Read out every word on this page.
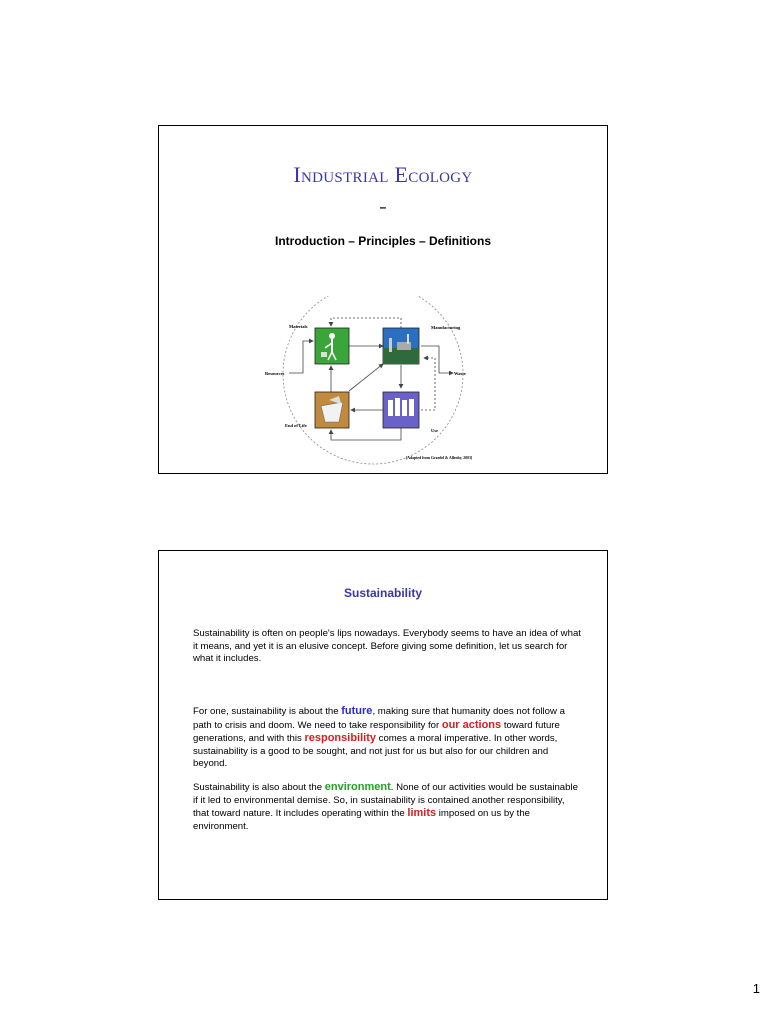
Industrial Ecology
–
Introduction – Principles – Definitions
Materials	Manufacturing
Resources	Waste
End of Life
Use
[Adapted from Graedel & Allenby, 2003]
Sustainability
Sustainability is often on people's lips nowadays. Everybody seems to have an idea of what it means, and yet it is an elusive concept. Before giving some definition, let us search for what it includes.
For one, sustainability is about the future, making sure that humanity does not follow a path to crisis and doom. We need to take responsibility for our actions toward future generations, and with this responsibility comes a moral imperative. In other words, sustainability is a good to be sought, and not just for us but also for our children and beyond.
Sustainability is also about the environment. None of our activities would be sustainable if it led to environmental demise. So, in sustainability is contained another responsibility, that toward nature. It includes operating within the limits imposed on us by the environment.
1
